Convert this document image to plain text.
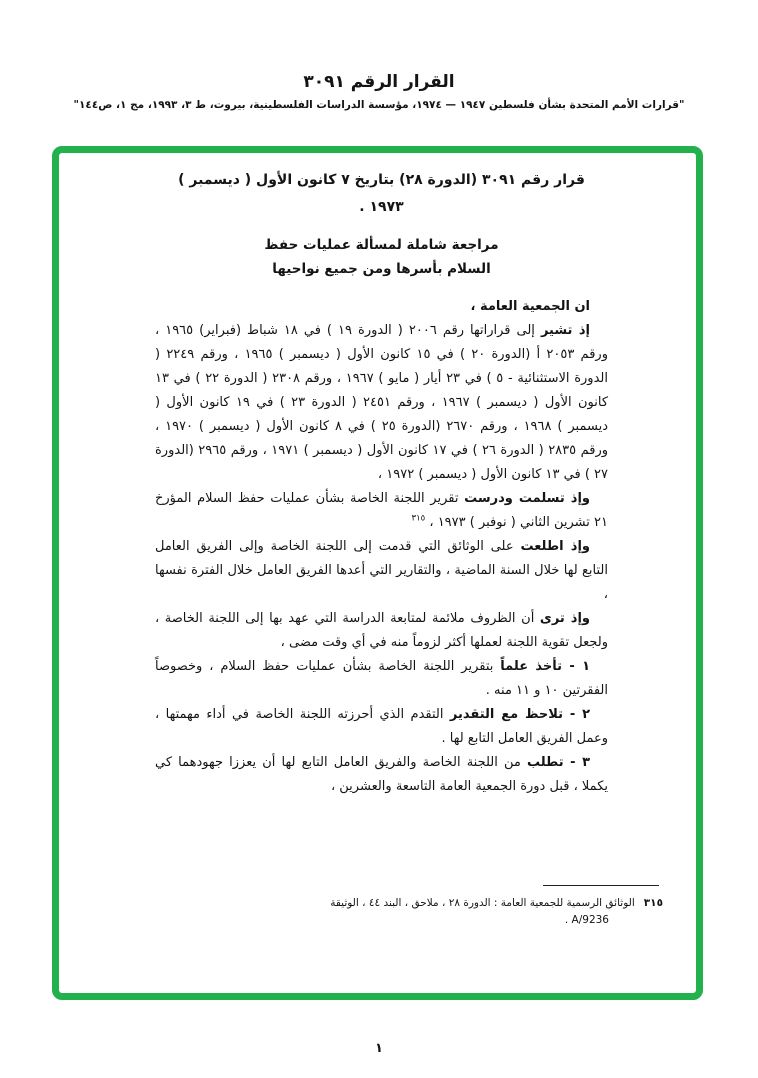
القرار الرقم ٣٠٩١
"قرارات الأمم المتحدة بشأن فلسطين ١٩٤٧ — ١٩٧٤، مؤسسة الدراسات الفلسطينية، بيروت، ط ٣، ١٩٩٣، مج ١، ص١٤٤"

قرار رقم ٣٠٩١ (الدورة ٢٨) بتاريخ ٧ كانون الأول ( ديسمبر )
١٩٧٣ .

مراجعة شاملة لمسألة عمليات حفظ
السلام بأسرها ومن جميع نواحيها

ان الجمعية العامة ،

إذ تشير إلى قراراتها رقم ٢٠٠٦ ( الدورة ١٩ ) في ١٨ شباط (فبراير) ١٩٦٥ ، ورقم ٢٠٥٣ أ (الدورة ٢٠ ) في ١٥ كانون الأول ( ديسمبر ) ١٩٦٥ ، ورقم ٢٢٤٩ ( الدورة الاستثنائية - ٥ ) في ٢٣ أيار ( مايو ) ١٩٦٧ ، ورقم ٢٣٠٨ ( الدورة ٢٢ ) في ١٣ كانون الأول ( ديسمبر ) ١٩٦٧ ، ورقم ٢٤٥١ ( الدورة ٢٣ ) في ١٩ كانون الأول ( ديسمبر ) ١٩٦٨ ، ورقم ٢٦٧٠ (الدورة ٢٥ ) في ٨ كانون الأول ( ديسمبر ) ١٩٧٠ ، ورقم ٢٨٣٥ ( الدورة ٢٦ ) في ١٧ كانون الأول ( ديسمبر ) ١٩٧١ ، ورقم ٢٩٦٥ (الدورة ٢٧ ) في ١٣ كانون الأول ( ديسمبر ) ١٩٧٢ ،

وإذ تسلمت ودرست تقرير اللجنة الخاصة بشأن عمليات حفظ السلام المؤرخ ٢١ تشرين الثاني ( نوفبر ) ١٩٧٣ ، $^{٣١٥}$

وإذ اطلعت على الوثائق التي قدمت إلى اللجنة الخاصة وإلى الفريق العامل التابع لها خلال السنة الماضية ، والتقارير التي أعدها الفريق العامل خلال الفترة نفسها ،

وإذ ترى أن الظروف ملائمة لمتابعة الدراسة التي عهد بها إلى اللجنة الخاصة ، ولجعل تقوية اللجنة لعملها أكثر لزوماً منه في أي وقت مضى ،

١ - تأخذ علماً بتقرير اللجنة الخاصة بشأن عمليات حفظ السلام ، وخصوصاً الفقرتين ١٠ و ١١ منه .

٢ - تلاحظ مع التقدير التقدم الذي أحرزته اللجنة الخاصة في أداء مهمتها ، وعمل الفريق العامل التابع لها .

٣ - تطلب من اللجنة الخاصة والفريق العامل التابع لها أن يعززا جهودهما كي يكملا ، قبل دورة الجمعية العامة التاسعة والعشرين ،

٣١٥الوثائق الرسمية للجمعية العامة : الدورة ٢٨ ، ملاحق ، البند ٤٤ ، الوثيقة A/9236 .

١
